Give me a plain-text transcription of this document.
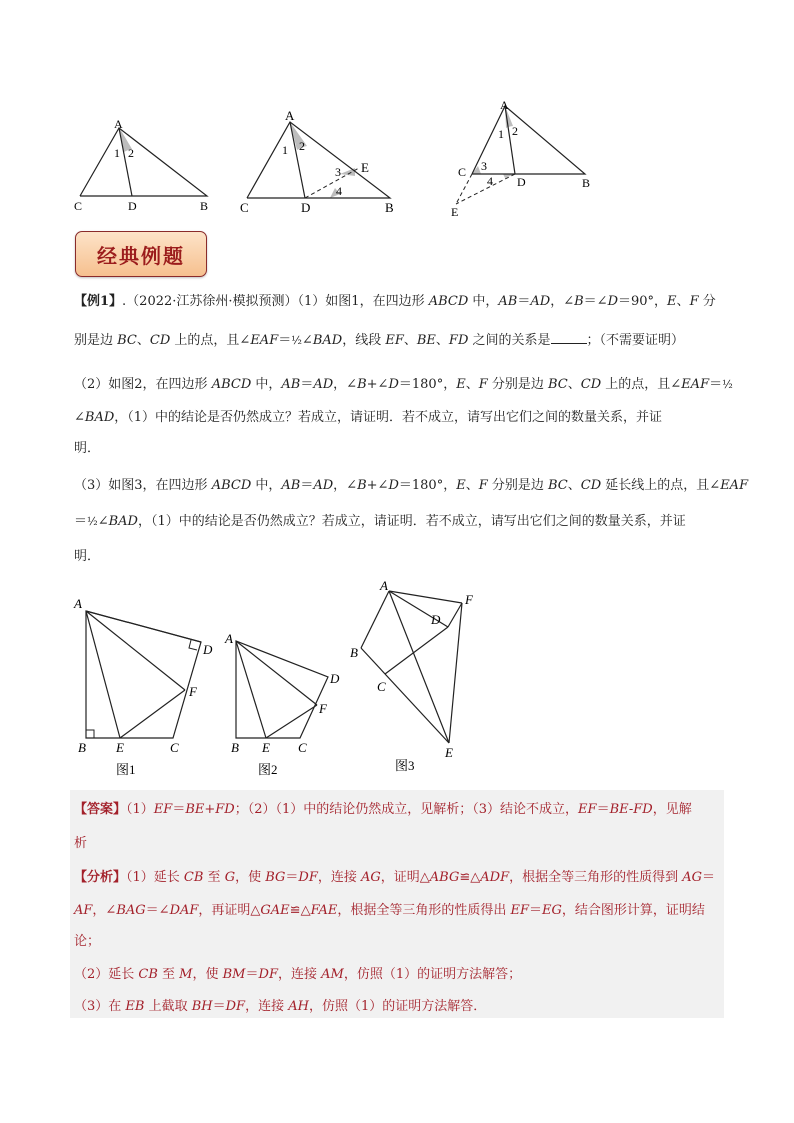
A
1 2
C	D	B
A
1 2
3
4
E
C	D	B
A
1 2
3
4
C
D	B
E
经典例题
【例1】.（2022·江苏徐州·模拟预测）（1）如图1，在四边形 ABCD 中，AB＝AD，∠B＝∠D＝90°，E、F 分
别是边 BC、CD 上的点，且∠EAF＝½∠BAD，线段 EF、BE、FD 之间的关系是	；（不需要证明）
（2）如图2，在四边形 ABCD 中，AB＝AD，∠B+∠D＝180°，E、F 分别是边 BC、CD 上的点，且∠EAF＝½
∠BAD，（1）中的结论是否仍然成立？若成立，请证明．若不成立，请写出它们之间的数量关系，并证
明．
（3）如图3，在四边形 ABCD 中，AB＝AD，∠B+∠D＝180°，E、F 分别是边 BC、CD 延长线上的点，且∠EAF
＝½∠BAD，（1）中的结论是否仍然成立？若成立，请证明．若不成立，请写出它们之间的数量关系，并证
明．
A
D
F
B E	C
图1
A
D
F
B E C
图2
A
F
D
B
C
E
图3
【答案】（1）EF＝BE+FD；（2）（1）中的结论仍然成立，见解析；（3）结论不成立，EF＝BE-FD，见解
析
【分析】（1）延长 CB 至 G，使 BG＝DF，连接 AG，证明△ABG≌△ADF，根据全等三角形的性质得到 AG＝
AF，∠BAG＝∠DAF，再证明△GAE≌△FAE，根据全等三角形的性质得出 EF＝EG，结合图形计算，证明结
论；
（2）延长 CB 至 M，使 BM＝DF，连接 AM，仿照（1）的证明方法解答；
（3）在 EB 上截取 BH＝DF，连接 AH，仿照（1）的证明方法解答．
